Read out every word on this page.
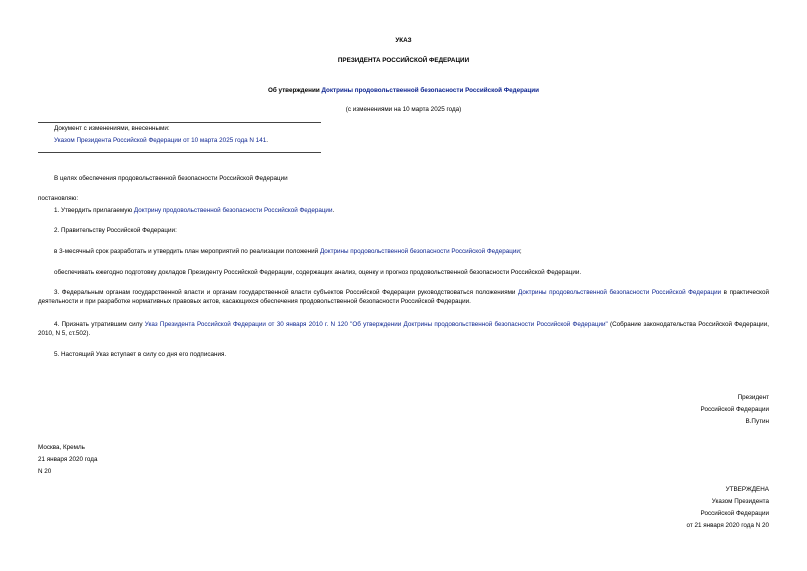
УКАЗ
ПРЕЗИДЕНТА РОССИЙСКОЙ ФЕДЕРАЦИИ
Об утверждении Доктрины продовольственной безопасности Российской Федерации
(с изменениями на 10 марта 2025 года)
Документ с изменениями, внесенными:
Указом Президента Российской Федерации от 10 марта 2025 года N 141.
В целях обеспечения продовольственной безопасности Российской Федерации
постановляю:
1. Утвердить прилагаемую Доктрину продовольственной безопасности Российской Федерации.
2. Правительству Российской Федерации:
в 3-месячный срок разработать и утвердить план мероприятий по реализации положений Доктрины продовольственной безопасности Российской Федерации;
обеспечивать ежегодно подготовку докладов Президенту Российской Федерации, содержащих анализ, оценку и прогноз продовольственной безопасности Российской Федерации.
3. Федеральным органам государственной власти и органам государственной власти субъектов Российской Федерации руководствоваться положениями Доктрины продовольственной безопасности Российской Федерации в практической деятельности и при разработке нормативных правовых актов, касающихся обеспечения продовольственной безопасности Российской Федерации.
4. Признать утратившим силу Указ Президента Российской Федерации от 30 января 2010 г. N 120 "Об утверждении Доктрины продовольственной безопасности Российской Федерации" (Собрание законодательства Российской Федерации, 2010, N 5, ст.502).
5. Настоящий Указ вступает в силу со дня его подписания.
Президент
Российской Федерации
В.Путин
Москва, Кремль
21 января 2020 года
N 20
УТВЕРЖДЕНА
Указом Президента
Российской Федерации
от 21 января 2020 года N 20
